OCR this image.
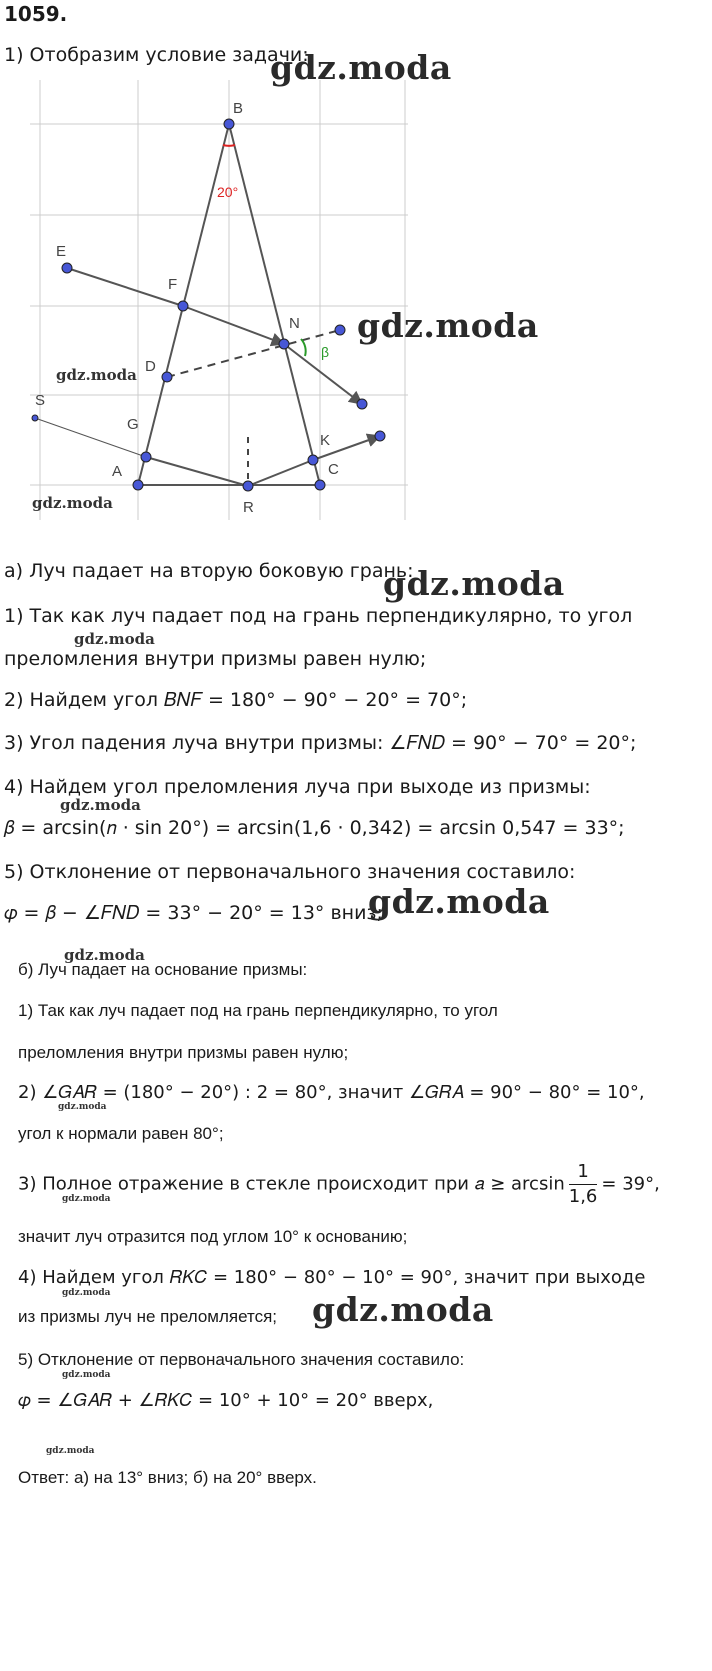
1059.
1) Отобразим условие задачи:
20°
β
B
E
F
N
D
S
G
K
A	C
R
gdz.moda
gdz.moda
gdz.moda
gdz.moda
а) Луч падает на вторую боковую грань:
gdz.moda
1) Так как луч падает под на грань перпендикулярно, то угол
gdz.moda
преломления внутри призмы равен нулю;
2) Найдем угол 𝐵𝑁𝐹 = 180° − 90° − 20° = 70°;
3) Угол падения луча внутри призмы: ∠𝐹𝑁𝐷 = 90° − 70° = 20°;
4) Найдем угол преломления луча при выходе из призмы:
gdz.moda
𝛽 = arcsin(𝑛 ⋅ sin 20°) = arcsin(1,6 ⋅ 0,342) = arcsin 0,547 = 33°;
5) Отклонение от первоначального значения составило:
𝜑 = 𝛽 − ∠𝐹𝑁𝐷 = 33° − 20° = 13° вниз;
gdz.moda
gdz.moda
б) Луч падает на основание призмы:
1) Так как луч падает под на грань перпендикулярно, то угол
преломления внутри призмы равен нулю;
2) ∠𝐺𝐴𝑅 = (180° − 20°) : 2 = 80°, значит ∠𝐺𝑅𝐴 = 90° − 80° = 10°,
gdz.moda
угол к нормали равен 80°;
3) Полное отражение в стекле происходит при 𝑎 ≥ $\arcsin \frac{1}{1,6} = 39^\circ$,
gdz.moda
значит луч отразится под углом 10° к основанию;
4) Найдем угол 𝑅𝐾𝐶 = 180° − 80° − 10° = 90°, значит при выходе
gdz.moda
из призмы луч не преломляется; gdz.moda
5) Отклонение от первоначального значения составило:
gdz.moda
𝜑 = ∠𝐺𝐴𝑅 + ∠𝑅𝐾𝐶 = 10° + 10° = 20° вверх,
gdz.moda
Ответ: а) на 13° вниз; б) на 20° вверх.
